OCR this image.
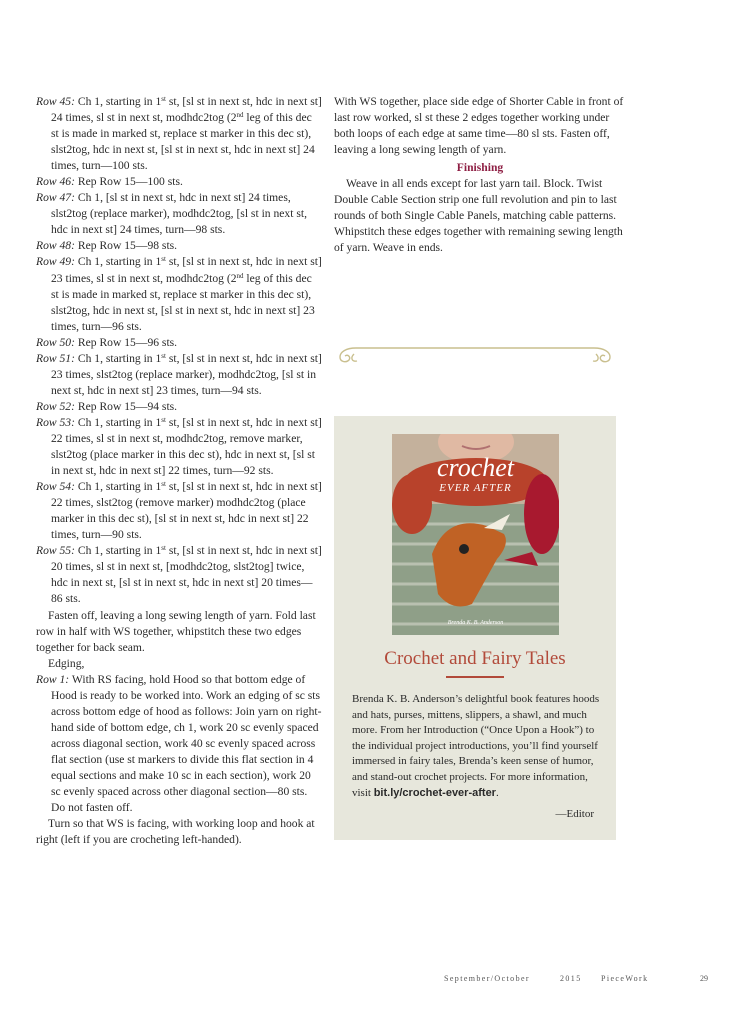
Row 45: Ch 1, starting in 1st st, [sl st in next st, hdc in next st] 24 times, sl st in next st, modhdc2tog (2nd leg of this dec st is made in marked st, replace st marker in this dec st), slst2tog, hdc in next st, [sl st in next st, hdc in next st] 24 times, turn—100 sts.

Row 46: Rep Row 15—100 sts.

Row 47: Ch 1, [sl st in next st, hdc in next st] 24 times, slst2tog (replace marker), modhdc2tog, [sl st in next st, hdc in next st] 24 times, turn—98 sts.

Row 48: Rep Row 15—98 sts.

Row 49: Ch 1, starting in 1st st, [sl st in next st, hdc in next st] 23 times, sl st in next st, modhdc2tog (2nd leg of this dec st is made in marked st, replace st marker in this dec st), slst2tog, hdc in next st, [sl st in next st, hdc in next st] 23 times, turn—96 sts.

Row 50: Rep Row 15—96 sts.

Row 51: Ch 1, starting in 1st st, [sl st in next st, hdc in next st] 23 times, slst2tog (replace marker), modhdc2tog, [sl st in next st, hdc in next st] 23 times, turn—94 sts.

Row 52: Rep Row 15—94 sts.

Row 53: Ch 1, starting in 1st st, [sl st in next st, hdc in next st] 22 times, sl st in next st, modhdc2tog, remove marker, slst2tog (place marker in this dec st), hdc in next st, [sl st in next st, hdc in next st] 22 times, turn—92 sts.

Row 54: Ch 1, starting in 1st st, [sl st in next st, hdc in next st] 22 times, slst2tog (remove marker) modhdc2tog (place marker in this dec st), [sl st in next st, hdc in next st] 22 times, turn—90 sts.

Row 55: Ch 1, starting in 1st st, [sl st in next st, hdc in next st] 20 times, sl st in next st, [modhdc2tog, slst2tog] twice, hdc in next st, [sl st in next st, hdc in next st] 20 times—86 sts.

Fasten off, leaving a long sewing length of yarn. Fold last row in half with WS together, whipstitch these two edges together for back seam.

Edging,

Row 1: With RS facing, hold Hood so that bottom edge of Hood is ready to be worked into. Work an edging of sc sts across bottom edge of hood as follows: Join yarn on right-hand side of bottom edge, ch 1, work 20 sc evenly spaced across diagonal section, work 40 sc evenly spaced across flat section (use st markers to divide this flat section in 4 equal sections and make 10 sc in each section), work 20 sc evenly spaced across other diagonal section—80 sts. Do not fasten off.

Turn so that WS is facing, with working loop and hook at right (left if you are crocheting left-handed).

With WS together, place side edge of Shorter Cable in front of last row worked, sl st these 2 edges together working under both loops of each edge at same time—80 sl sts. Fasten off, leaving a long sewing length of yarn.

Finishing

Weave in all ends except for last yarn tail. Block. Twist Double Cable Section strip one full revolution and pin to last rounds of both Single Cable Panels, matching cable patterns. Whipstitch these edges together with remaining sewing length of yarn. Weave in ends.

crochet
EVER AFTER
Brenda K. B. Anderson
Crochet and Fairy Tales
Brenda K. B. Anderson’s delightful book features hoods and hats, purses, mittens, slippers, a shawl, and much more. From her Introduction (“Once Upon a Hook”) to the individual project introductions, you’ll find yourself immersed in fairy tales, Brenda’s keen sense of humor, and stand-out crochet projects. For more information, visit bit.ly/crochet-ever-after.
—Editor
September/October	2015 PieceWork	29
